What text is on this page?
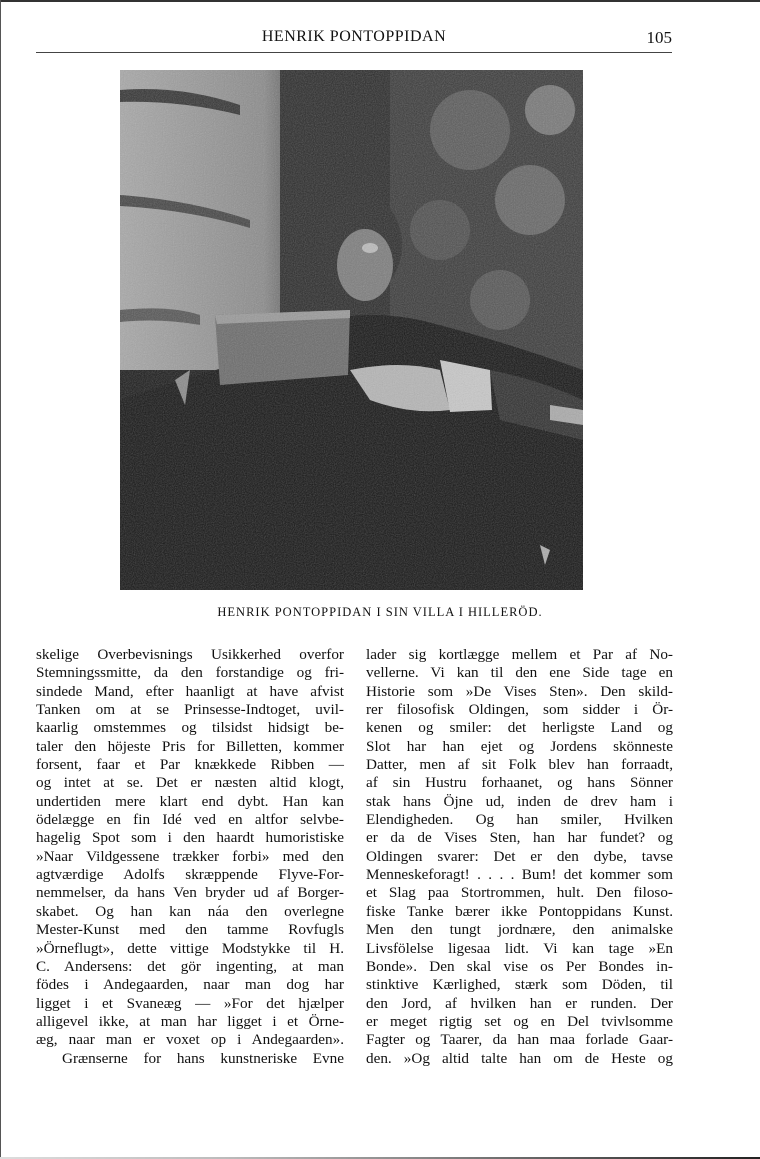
HENRIK PONTOPPIDAN	105
HENRIK PONTOPPIDAN I SIN VILLA I HILLERÖD.
skelige Overbevisnings Usikkerhed overfor
Stemningssmitte, da den forstandige og fri-
sindede Mand, efter haanligt at have afvist
Tanken om at se Prinsesse-Indtoget, uvil-
kaarlig omstemmes og tilsidst hidsigt be-
taler den höjeste Pris for Billetten, kommer
forsent, faar et Par knækkede Ribben —
og intet at se. Det er næsten altid klogt,
undertiden mere klart end dybt. Han kan
ödelægge en fin Idé ved en altfor selvbe-
hagelig Spot som i den haardt humoristiske
»Naar Vildgessene trækker forbi» med den
agtværdige Adolfs skræppende Flyve-For-
nemmelser, da hans Ven bryder ud af Borger-
skabet. Og han kan náa den overlegne
Mester-Kunst med den tamme Rovfugls
»Örneflugt», dette vittige Modstykke til H.
C. Andersens: det gör ingenting, at man
födes i Andegaarden, naar man dog har
ligget i et Svaneæg — »For det hjælper
alligevel ikke, at man har ligget i et Örne-
æg, naar man er voxet op i Andegaarden».
Grænserne for hans kunstneriske Evne
lader sig kortlægge mellem et Par af No-
vellerne. Vi kan til den ene Side tage en
Historie som »De Vises Sten». Den skild-
rer filosofisk Oldingen, som sidder i Ör-
kenen og smiler: det herligste Land og
Slot har han ejet og Jordens skönneste
Datter, men af sit Folk blev han forraadt,
af sin Hustru forhaanet, og hans Sönner
stak hans Öjne ud, inden de drev ham i
Elendigheden. Og han smiler, Hvilken
er da de Vises Sten, han har fundet? og
Oldingen svarer: Det er den dybe, tavse
Menneskeforagt! . . . . Bum! det kommer som
et Slag paa Stortrommen, hult. Den filoso-
fiske Tanke bærer ikke Pontoppidans Kunst.
Men den tungt jordnære, den animalske
Livsfölelse ligesaa lidt. Vi kan tage »En
Bonde». Den skal vise os Per Bondes in-
stinktive Kærlighed, stærk som Döden, til
den Jord, af hvilken han er runden. Der
er meget rigtig set og en Del tvivlsomme
Fagter og Taarer, da han maa forlade Gaar-
den. »Og altid talte han om de Heste og
